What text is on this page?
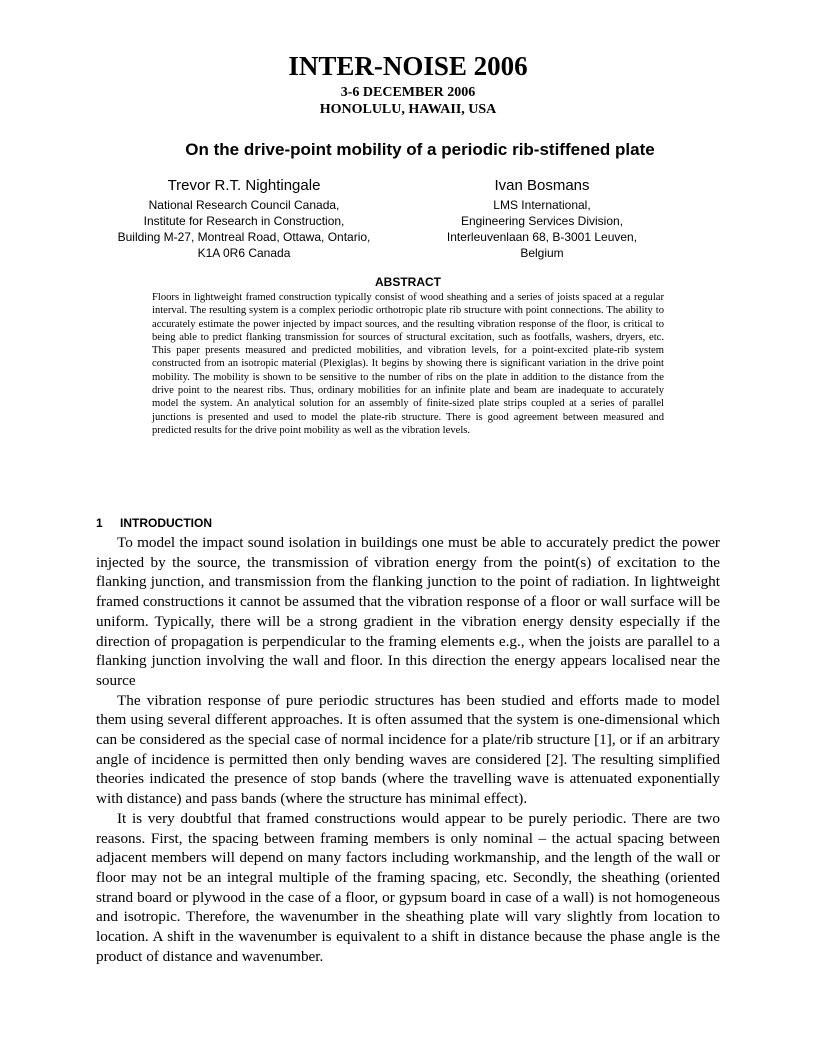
INTER-NOISE 2006
3-6 DECEMBER 2006
HONOLULU, HAWAII, USA
On the drive-point mobility of a periodic rib-stiffened plate
Trevor R.T. Nightingale
National Research Council Canada,
Institute for Research in Construction,
Building M-27, Montreal Road, Ottawa, Ontario,
K1A 0R6 Canada
Ivan Bosmans
LMS International,
Engineering Services Division,
Interleuvenlaan 68, B-3001 Leuven,
Belgium
ABSTRACT
Floors in lightweight framed construction typically consist of wood sheathing and a series of joists spaced at a regular interval. The resulting system is a complex periodic orthotropic plate rib structure with point connections. The ability to accurately estimate the power injected by impact sources, and the resulting vibration response of the floor, is critical to being able to predict flanking transmission for sources of structural excitation, such as footfalls, washers, dryers, etc. This paper presents measured and predicted mobilities, and vibration levels, for a point-excited plate-rib system constructed from an isotropic material (Plexiglas). It begins by showing there is significant variation in the drive point mobility. The mobility is shown to be sensitive to the number of ribs on the plate in addition to the distance from the drive point to the nearest ribs. Thus, ordinary mobilities for an infinite plate and beam are inadequate to accurately model the system. An analytical solution for an assembly of finite-sized plate strips coupled at a series of parallel junctions is presented and used to model the plate-rib structure. There is good agreement between measured and predicted results for the drive point mobility as well as the vibration levels.
1 INTRODUCTION

To model the impact sound isolation in buildings one must be able to accurately predict the power injected by the source, the transmission of vibration energy from the point(s) of excitation to the flanking junction, and transmission from the flanking junction to the point of radiation. In lightweight framed constructions it cannot be assumed that the vibration response of a floor or wall surface will be uniform. Typically, there will be a strong gradient in the vibration energy density especially if the direction of propagation is perpendicular to the framing elements e.g., when the joists are parallel to a flanking junction involving the wall and floor. In this direction the energy appears localised near the source

The vibration response of pure periodic structures has been studied and efforts made to model them using several different approaches. It is often assumed that the system is one-dimensional which can be considered as the special case of normal incidence for a plate/rib structure [1], or if an arbitrary angle of incidence is permitted then only bending waves are considered [2]. The resulting simplified theories indicated the presence of stop bands (where the travelling wave is attenuated exponentially with distance) and pass bands (where the structure has minimal effect).

It is very doubtful that framed constructions would appear to be purely periodic. There are two reasons. First, the spacing between framing members is only nominal – the actual spacing between adjacent members will depend on many factors including workmanship, and the length of the wall or floor may not be an integral multiple of the framing spacing, etc. Secondly, the sheathing (oriented strand board or plywood in the case of a floor, or gypsum board in case of a wall) is not homogeneous and isotropic. Therefore, the wavenumber in the sheathing plate will vary slightly from location to location. A shift in the wavenumber is equivalent to a shift in distance because the phase angle is the product of distance and wavenumber.
